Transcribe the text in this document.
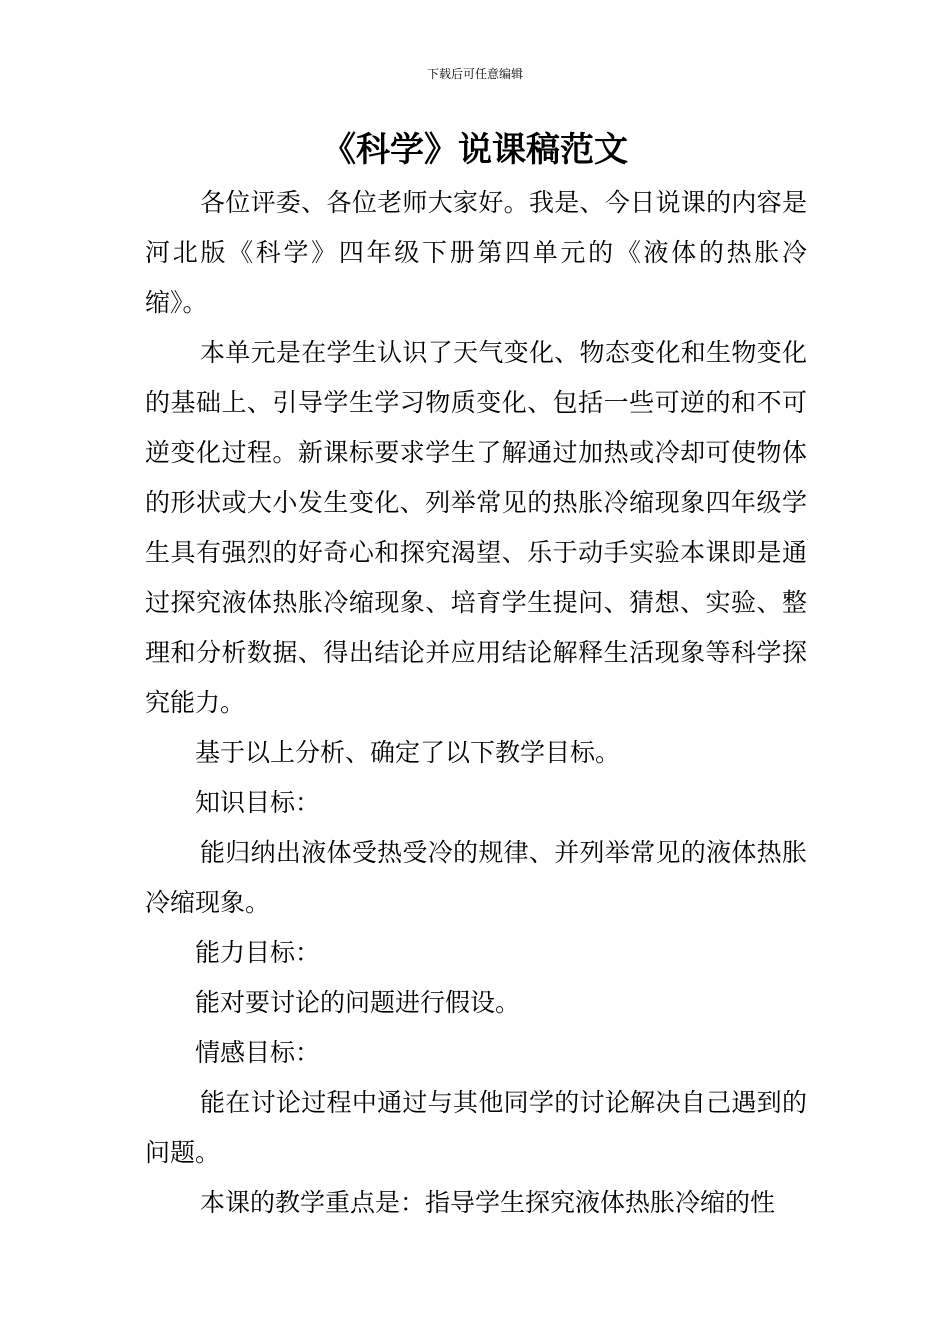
下载后可任意编辑
《科学》说课稿范文

各位评委、各位老师大家好。我是、今日说课的内容是河北版《科学》四年级下册第四单元的《液体的热胀冷缩》。

本单元是在学生认识了天气变化、物态变化和生物变化的基础上、引导学生学习物质变化、包括一些可逆的和不可逆变化过程。新课标要求学生了解通过加热或冷却可使物体的形状或大小发生变化、列举常见的热胀冷缩现象四年级学生具有强烈的好奇心和探究渴望、乐于动手实验本课即是通过探究液体热胀冷缩现象、培育学生提问、猜想、实验、整理和分析数据、得出结论并应用结论解释生活现象等科学探究能力。

基于以上分析、确定了以下教学目标。

知识目标：

能归纳出液体受热受冷的规律、并列举常见的液体热胀冷缩现象。

能力目标：

能对要讨论的问题进行假设。

情感目标：

能在讨论过程中通过与其他同学的讨论解决自己遇到的问题。

本课的教学重点是：指导学生探究液体热胀冷缩的性
